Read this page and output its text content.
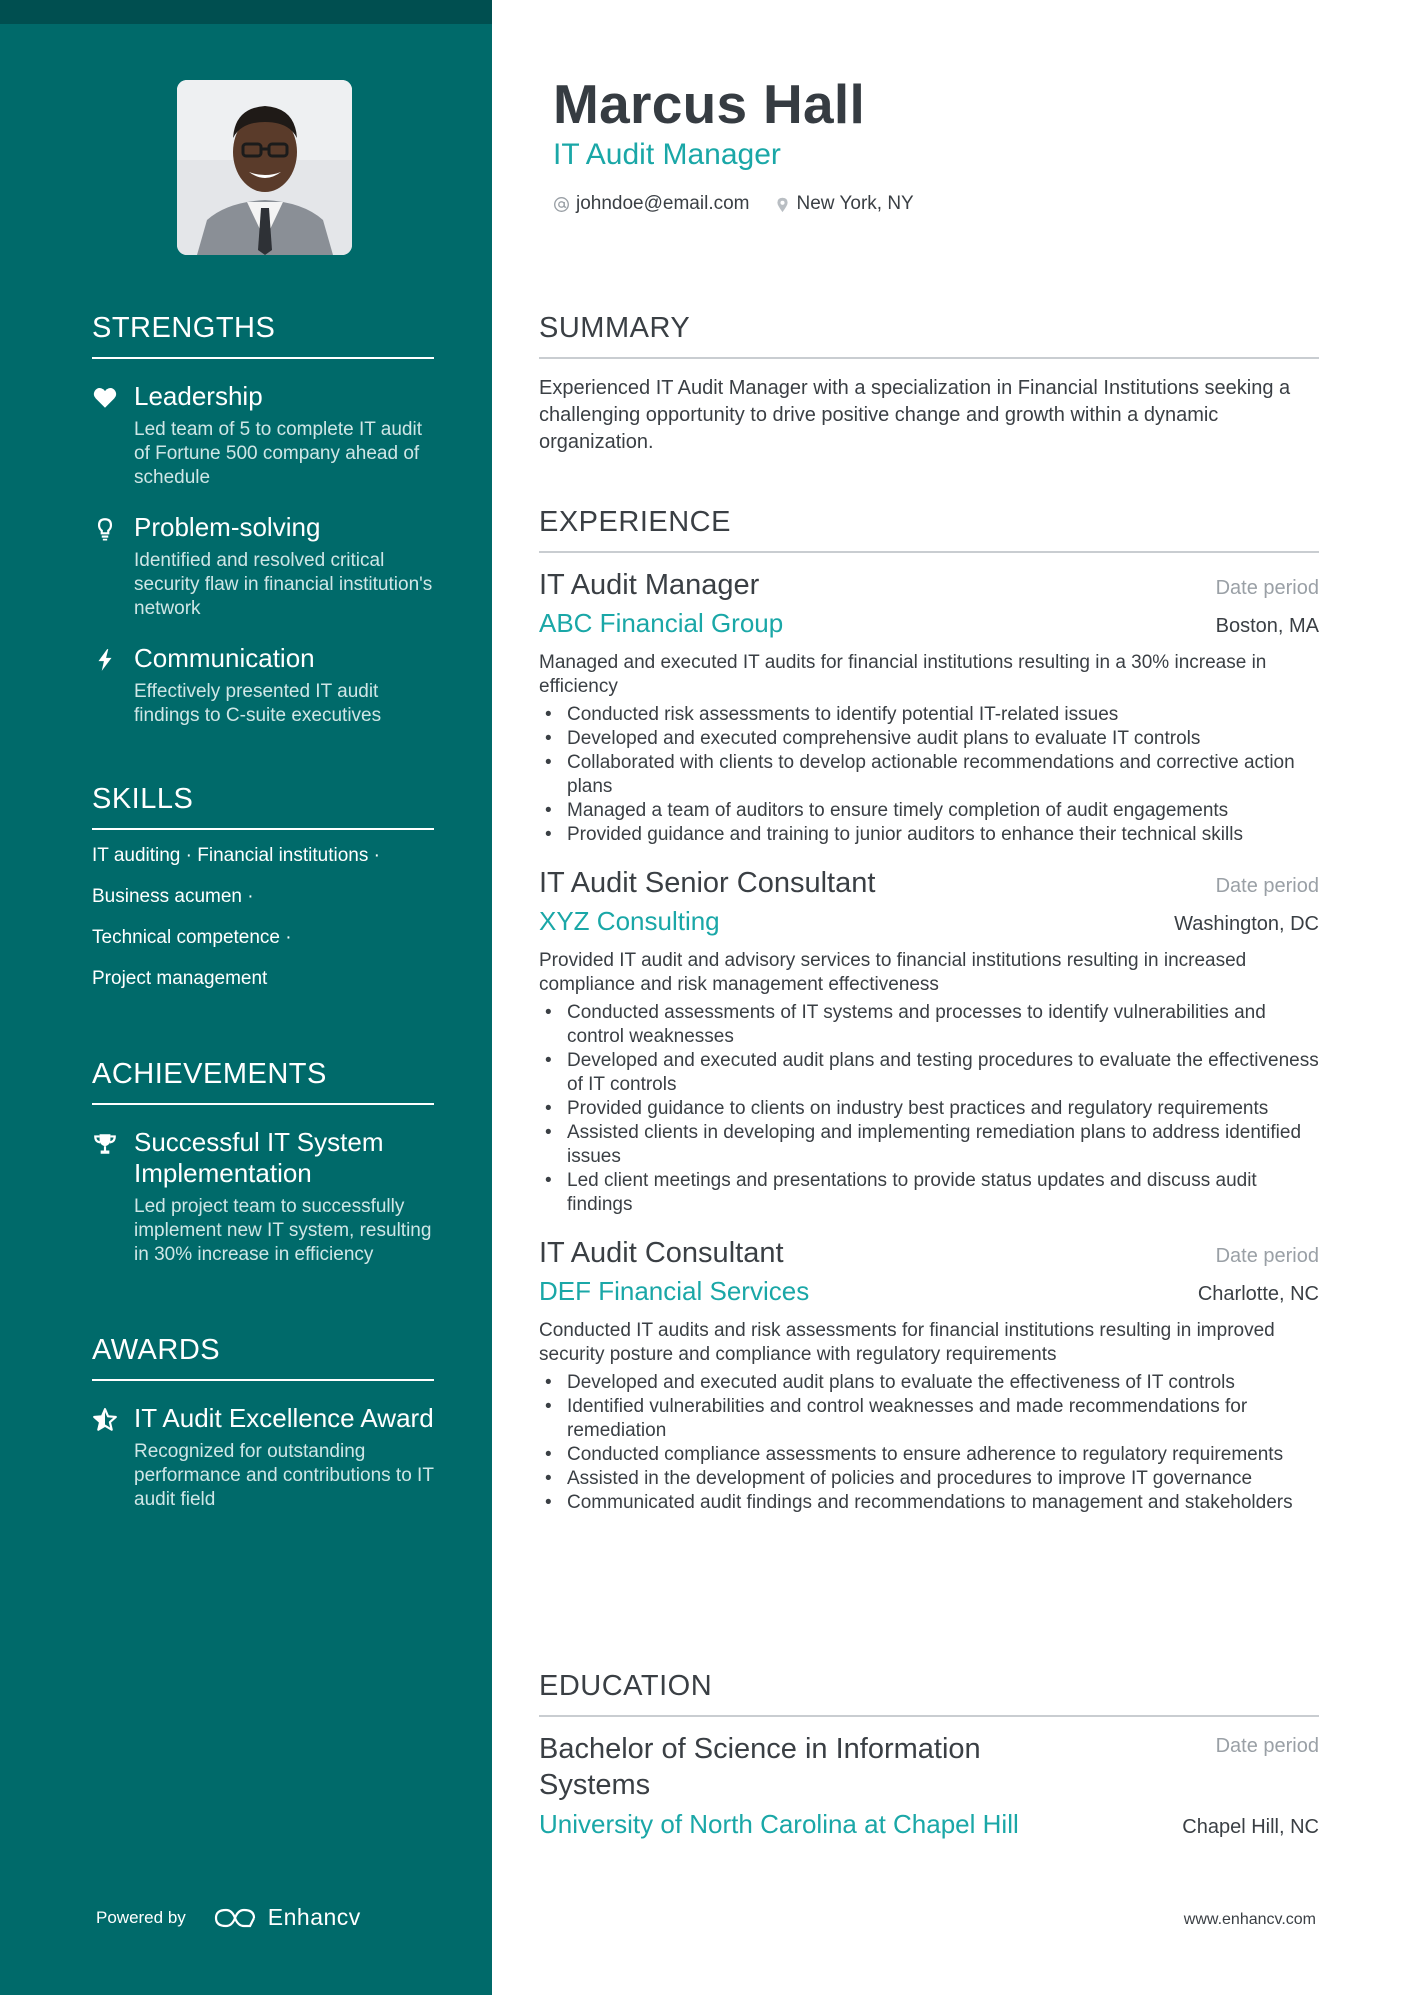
STRENGTHS
Leadership
Led team of 5 to complete IT audit of Fortune 500 company ahead of schedule
Problem-solving
Identified and resolved critical security flaw in financial institution's network
Communication
Effectively presented IT audit findings to C-suite executives
SKILLS
IT auditing · Financial institutions ·
Business acumen ·
Technical competence ·
Project management
ACHIEVEMENTS
Successful IT System Implementation
Led project team to successfully implement new IT system, resulting in 30% increase in efficiency
AWARDS
IT Audit Excellence Award
Recognized for outstanding performance and contributions to IT audit field
Powered by	Enhancv
Marcus Hall
IT Audit Manager
johndoe@email.com New York, NY
SUMMARY
Experienced IT Audit Manager with a specialization in Financial Institutions seeking a challenging opportunity to drive positive change and growth within a dynamic organization.
EXPERIENCE
IT Audit Manager	Date period
ABC Financial Group	Boston, MA
Managed and executed IT audits for financial institutions resulting in a 30% increase in efficiency
• Conducted risk assessments to identify potential IT-related issues
• Developed and executed comprehensive audit plans to evaluate IT controls
• Collaborated with clients to develop actionable recommendations and corrective action plans
• Managed a team of auditors to ensure timely completion of audit engagements
• Provided guidance and training to junior auditors to enhance their technical skills
IT Audit Senior Consultant	Date period
XYZ Consulting	Washington, DC
Provided IT audit and advisory services to financial institutions resulting in increased compliance and risk management effectiveness
• Conducted assessments of IT systems and processes to identify vulnerabilities and control weaknesses
• Developed and executed audit plans and testing procedures to evaluate the effectiveness of IT controls
• Provided guidance to clients on industry best practices and regulatory requirements
• Assisted clients in developing and implementing remediation plans to address identified issues
• Led client meetings and presentations to provide status updates and discuss audit findings
IT Audit Consultant	Date period
DEF Financial Services	Charlotte, NC
Conducted IT audits and risk assessments for financial institutions resulting in improved security posture and compliance with regulatory requirements
• Developed and executed audit plans to evaluate the effectiveness of IT controls
• Identified vulnerabilities and control weaknesses and made recommendations for remediation
• Conducted compliance assessments to ensure adherence to regulatory requirements
• Assisted in the development of policies and procedures to improve IT governance
• Communicated audit findings and recommendations to management and stakeholders
EDUCATION
Bachelor of Science in Information Systems
Date period
University of North Carolina at Chapel Hill	Chapel Hill, NC
www.enhancv.com
